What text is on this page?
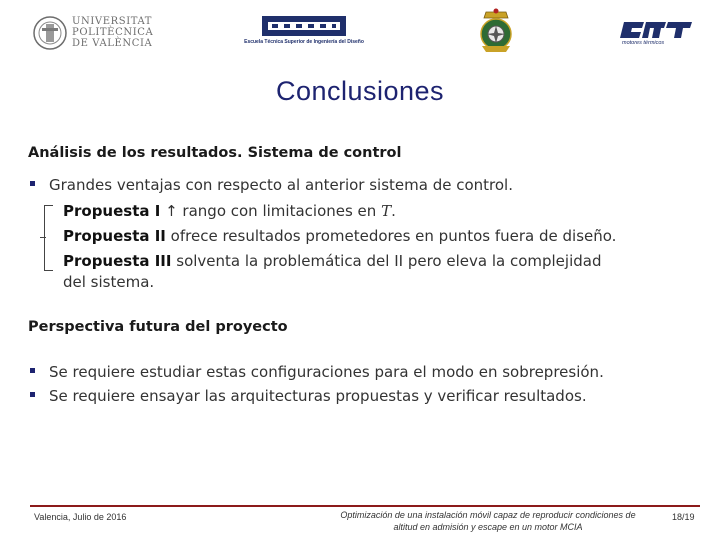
UNIVERSITAT
POLITÈCNICA
DE VALÈNCIA	Escuela Técnica Superior de Ingeniería del Diseño	motores térmicos
Conclusiones
Análisis de los resultados. Sistema de control
Grandes ventajas con respecto al anterior sistema de control.
Propuesta I ↑ rango con limitaciones en T.
Propuesta II ofrece resultados prometedores en puntos fuera de diseño.
Propuesta III solventa la problemática del II pero eleva la complejidad
del sistema.
Perspectiva futura del proyecto
Se requiere estudiar estas configuraciones para el modo en sobrepresión.
Se requiere ensayar las arquitecturas propuestas y verificar resultados.
Valencia, Julio de 2016	Optimización de una instalación móvil capaz de reproducir condiciones de
altitud en admisión y escape en un motor MCIA
18/19
